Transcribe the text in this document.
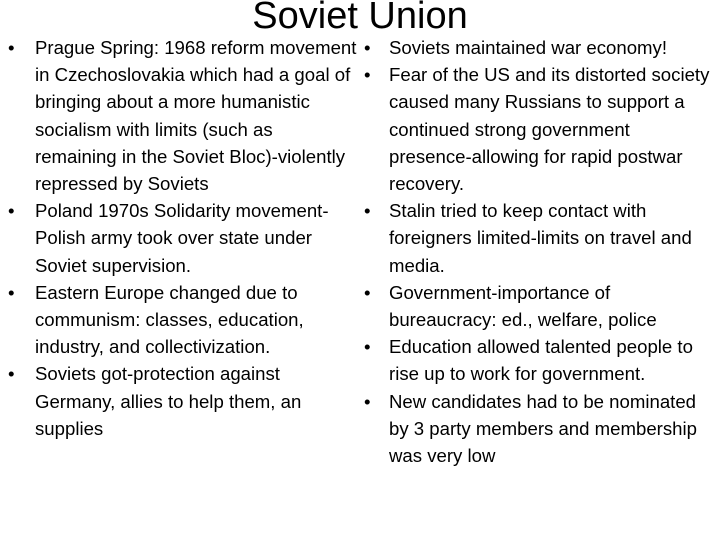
Soviet Union
•	Prague Spring: 1968 reform movement in Czechoslovakia which had a goal of bringing about a more humanistic socialism with limits (such as remaining in the Soviet Bloc)-violently repressed by Soviets
•	Poland 1970s Solidarity movement-Polish army took over state under Soviet supervision.
•	Eastern Europe changed due to communism: classes, education, industry, and collectivization.
•	Soviets got-protection against Germany, allies to help them, an supplies
• Soviets maintained war economy!
• Fear of the US and its distorted society caused many Russians to support a continued strong government presence-allowing for rapid postwar recovery.
• Stalin tried to keep contact with foreigners limited-limits on travel and media.
• Government-importance of bureaucracy: ed., welfare, police
• Education allowed talented people to rise up to work for government.
• New candidates had to be nominated by 3 party members and membership was very low
